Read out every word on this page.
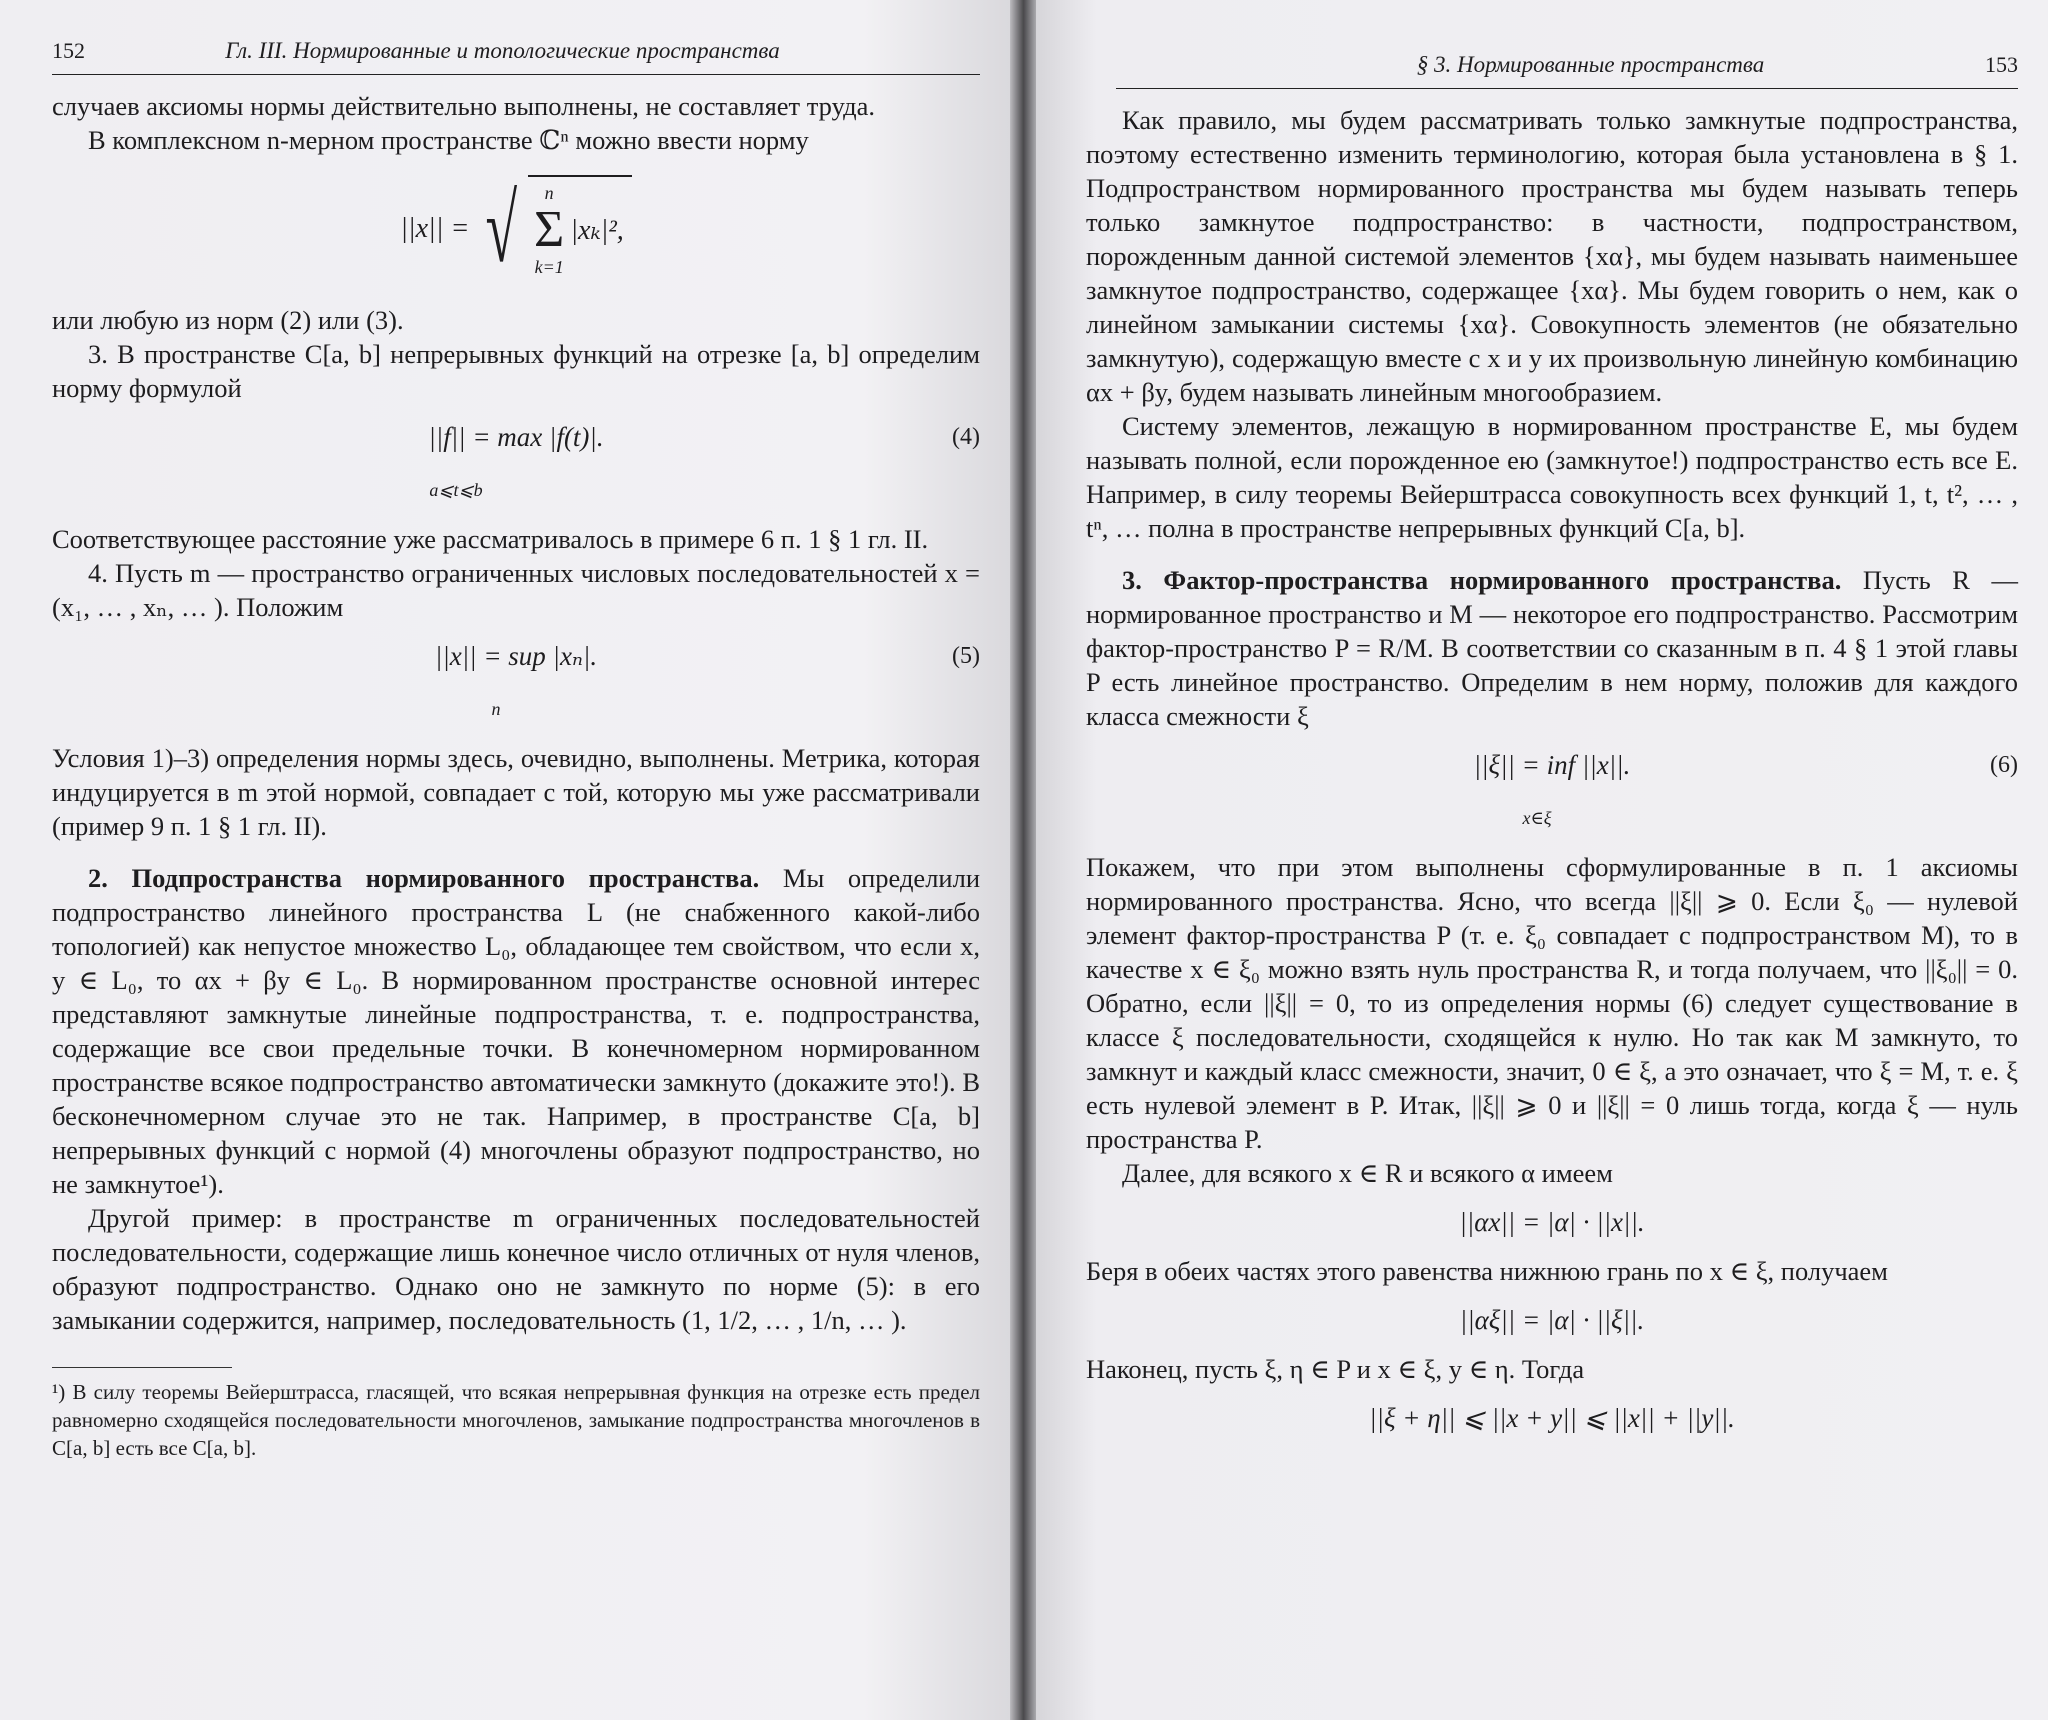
152	Гл. III. Нормированные и топологические пространства

случаев аксиомы нормы действительно выполнены, не составляет труда.

В комплексном n-мерном пространстве ℂⁿ можно ввести норму

||x|| = √ n
Σ
k=1
|xₖ|²,

или любую из норм (2) или (3).

3. В пространстве C[a, b] непрерывных функций на отрезке [a, b] определим норму формулой

||f|| = max |f(t)|.
a⩽t⩽b
(4)

Соответствующее расстояние уже рассматривалось в примере 6 п. 1 § 1 гл. II.

4. Пусть m — пространство ограниченных числовых последовательностей x = (x₁, … , xₙ, … ). Положим

||x|| = sup |xₙ|.
n
(5)

Условия 1)–3) определения нормы здесь, очевидно, выполнены. Метрика, которая индуцируется в m этой нормой, совпадает с той, которую мы уже рассматривали (пример 9 п. 1 § 1 гл. II).

2. Подпространства нормированного пространства. Мы определили подпространство линейного пространства L (не снабженного какой-либо топологией) как непустое множество L₀, обладающее тем свойством, что если x, y ∈ L₀, то αx + βy ∈ L₀. В нормированном пространстве основной интерес представляют замкнутые линейные подпространства, т. е. подпространства, содержащие все свои предельные точки. В конечномерном нормированном пространстве всякое подпространство автоматически замкнуто (докажите это!). В бесконечномерном случае это не так. Например, в пространстве C[a, b] непрерывных функций с нормой (4) многочлены образуют подпространство, но не замкнутое¹).

Другой пример: в пространстве m ограниченных последовательностей последовательности, содержащие лишь конечное число отличных от нуля членов, образуют подпространство. Однако оно не замкнуто по норме (5): в его замыкании содержится, например, последовательность (1, 1/2, … , 1/n, … ).

¹) В силу теоремы Вейерштрасса, гласящей, что всякая непрерывная функция на отрезке есть предел равномерно сходящейся последовательности многочленов, замыкание подпространства многочленов в C[a, b] есть все C[a, b].
§ 3. Нормированные пространства	153

Как правило, мы будем рассматривать только замкнутые подпространства, поэтому естественно изменить терминологию, которая была установлена в § 1. Подпространством нормированного пространства мы будем называть теперь только замкнутое подпространство: в частности, подпространством, порожденным данной системой элементов {xα}, мы будем называть наименьшее замкнутое подпространство, содержащее {xα}. Мы будем говорить о нем, как о линейном замыкании системы {xα}. Совокупность элементов (не обязательно замкнутую), содержащую вместе с x и y их произвольную линейную комбинацию αx + βy, будем называть линейным многообразием.

Систему элементов, лежащую в нормированном пространстве E, мы будем называть полной, если порожденное ею (замкнутое!) подпространство есть все E. Например, в силу теоремы Вейерштрасса совокупность всех функций 1, t, t², … , tⁿ, … полна в пространстве непрерывных функций C[a, b].

3. Фактор-пространства нормированного пространства. Пусть R — нормированное пространство и M — некоторое его подпространство. Рассмотрим фактор-пространство P = R/M. В соответствии со сказанным в п. 4 § 1 этой главы P есть линейное пространство. Определим в нем норму, положив для каждого класса смежности ξ

||ξ|| = inf ||x||.
x∈ξ
(6)

Покажем, что при этом выполнены сформулированные в п. 1 аксиомы нормированного пространства. Ясно, что всегда ||ξ|| ⩾ 0. Если ξ₀ — нулевой элемент фактор-пространства P (т. е. ξ₀ совпадает с подпространством M), то в качестве x ∈ ξ₀ можно взять нуль пространства R, и тогда получаем, что ||ξ₀|| = 0. Обратно, если ||ξ|| = 0, то из определения нормы (6) следует существование в классе ξ последовательности, сходящейся к нулю. Но так как M замкнуто, то замкнут и каждый класс смежности, значит, 0 ∈ ξ, а это означает, что ξ = M, т. е. ξ есть нулевой элемент в P. Итак, ||ξ|| ⩾ 0 и ||ξ|| = 0 лишь тогда, когда ξ — нуль пространства P.

Далее, для всякого x ∈ R и всякого α имеем

||αx|| = |α| · ||x||.

Беря в обеих частях этого равенства нижнюю грань по x ∈ ξ, получаем

||αξ|| = |α| · ||ξ||.

Наконец, пусть ξ, η ∈ P и x ∈ ξ, y ∈ η. Тогда

||ξ + η|| ⩽ ||x + y|| ⩽ ||x|| + ||y||.
